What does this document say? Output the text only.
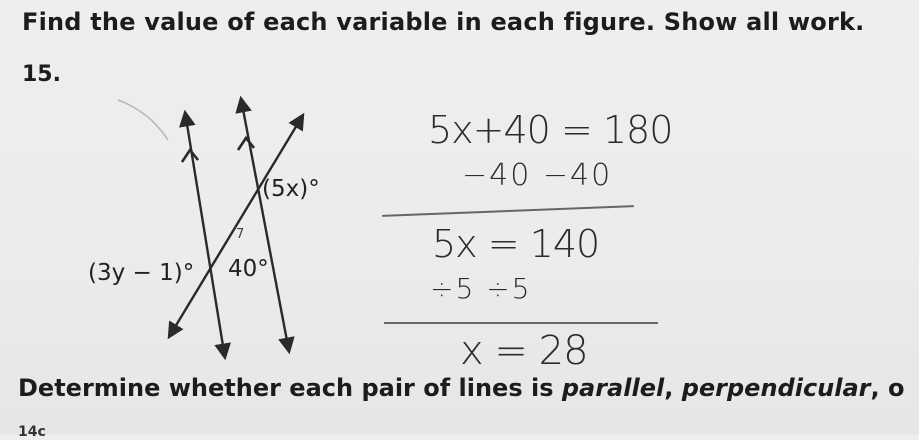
Find the value of each variable in each figure. Show all work.
15.
(5x)°
40°
(3y − 1)°
7
5x+40 = 180
−40 −40
5x = 140
÷5 ÷5
x = 28
Determine whether each pair of lines is parallel, perpendicular, o
14c
